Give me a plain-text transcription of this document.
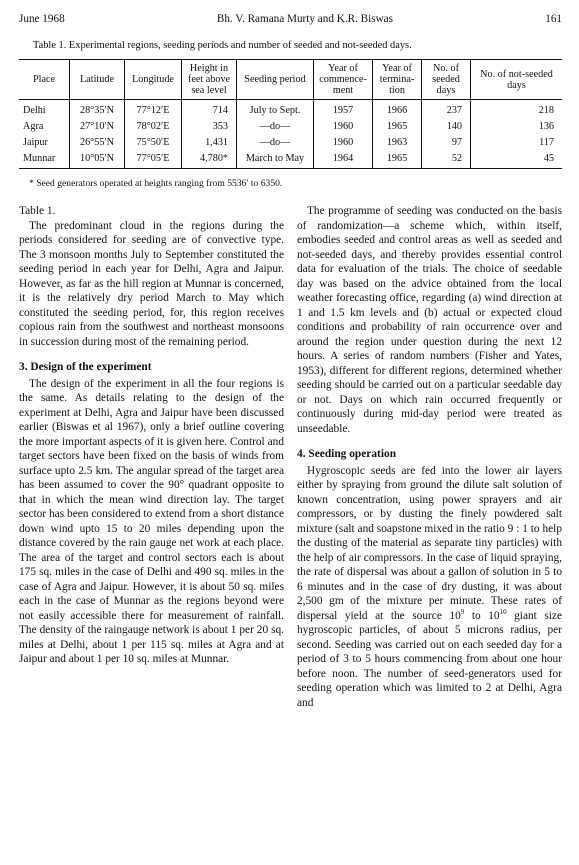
June 1968	Bh. V. Ramana Murty and K.R. Biswas	161
Table 1. Experimental regions, seeding periods and number of seeded and not-seeded days.
Place	Latitude	Longitude	Height in feet above sea level	Seeding period	Year of commence-ment	Year of termina-tion	No. of seeded days	No. of not-seeded days
Delhi	28°35′N	77°12′E	714	July to Sept.	1957	1966	237	218
Agra	27°10′N	78°02′E	353	—do—	1960	1965	140	136
Jaipur	26°55′N	75°50′E	1,431	—do—	1960	1963	97	117
Munnar	10°05′N	77°05′E	4,780*	March to May	1964	1965	52	45
* Seed generators operated at heights ranging from 5536′ to 6350.

Table 1.

The predominant cloud in the regions during the periods considered for seeding are of convective type. The 3 monsoon months July to September constituted the seeding period in each year for Delhi, Agra and Jaipur. However, as far as the hill region at Munnar is concerned, it is the relatively dry period March to May which constituted the seeding period, for, this region receives copious rain from the southwest and northeast monsoons in succession during most of the remaining period.

3. Design of the experiment

The design of the experiment in all the four regions is the same. As details relating to the design of the experiment at Delhi, Agra and Jaipur have been discussed earlier (Biswas et al 1967), only a brief outline covering the more important aspects of it is given here. Control and target sectors have been fixed on the basis of winds from surface upto 2.5 km. The angular spread of the target area has been assumed to cover the 90° quadrant opposite to that in which the mean wind direction lay. The target sector has been considered to extend from a short distance down wind upto 15 to 20 miles depending upon the distance covered by the rain gauge net work at each place. The area of the target and control sectors each is about 175 sq. miles in the case of Delhi and 490 sq. miles in the case of Agra and Jaipur. However, it is about 50 sq. miles each in the case of Munnar as the regions beyond were not easily accessible there for measurement of rainfall. The density of the raingauge network is about 1 per 20 sq. miles at Delhi, about 1 per 115 sq. miles at Agra and at Jaipur and about 1 per 10 sq. miles at Munnar.

The programme of seeding was conducted on the basis of randomization—a scheme which, within itself, embodies seeded and control areas as well as seeded and not-seeded days, and thereby provides essential control data for evaluation of the trials. The choice of seedable day was based on the advice obtained from the local weather forecasting office, regarding (a) wind direction at 1 and 1.5 km levels and (b) actual or expected cloud conditions and probability of rain occurrence over and around the region under question during the next 12 hours. A series of random numbers (Fisher and Yates, 1953), different for different regions, determined whether seeding should be carried out on a particular seedable day or not. Days on which rain occurred frequently or continuously during mid-day period were treated as unseedable.

4. Seeding operation

Hygroscopic seeds are fed into the lower air layers either by spraying from ground the dilute salt solution of known concentration, using power sprayers and air compressors, or by dusting the finely powdered salt mixture (salt and soapstone mixed in the ratio 9 : 1 to help the dusting of the material as separate tiny particles) with the help of air compressors. In the case of liquid spraying, the rate of dispersal was about a gallon of solution in 5 to 6 minutes and in the case of dry dusting, it was about 2,500 gm of the mixture per minute. These rates of dispersal yield at the source $10^9$ to $10^{10}$ giant size hygroscopic particles, of about 5 microns radius, per second. Seeding was carried out on each seeded day for a period of 3 to 5 hours commencing from about one hour before noon. The number of seed-generators used for seeding operation which was limited to 2 at Delhi, Agra and
